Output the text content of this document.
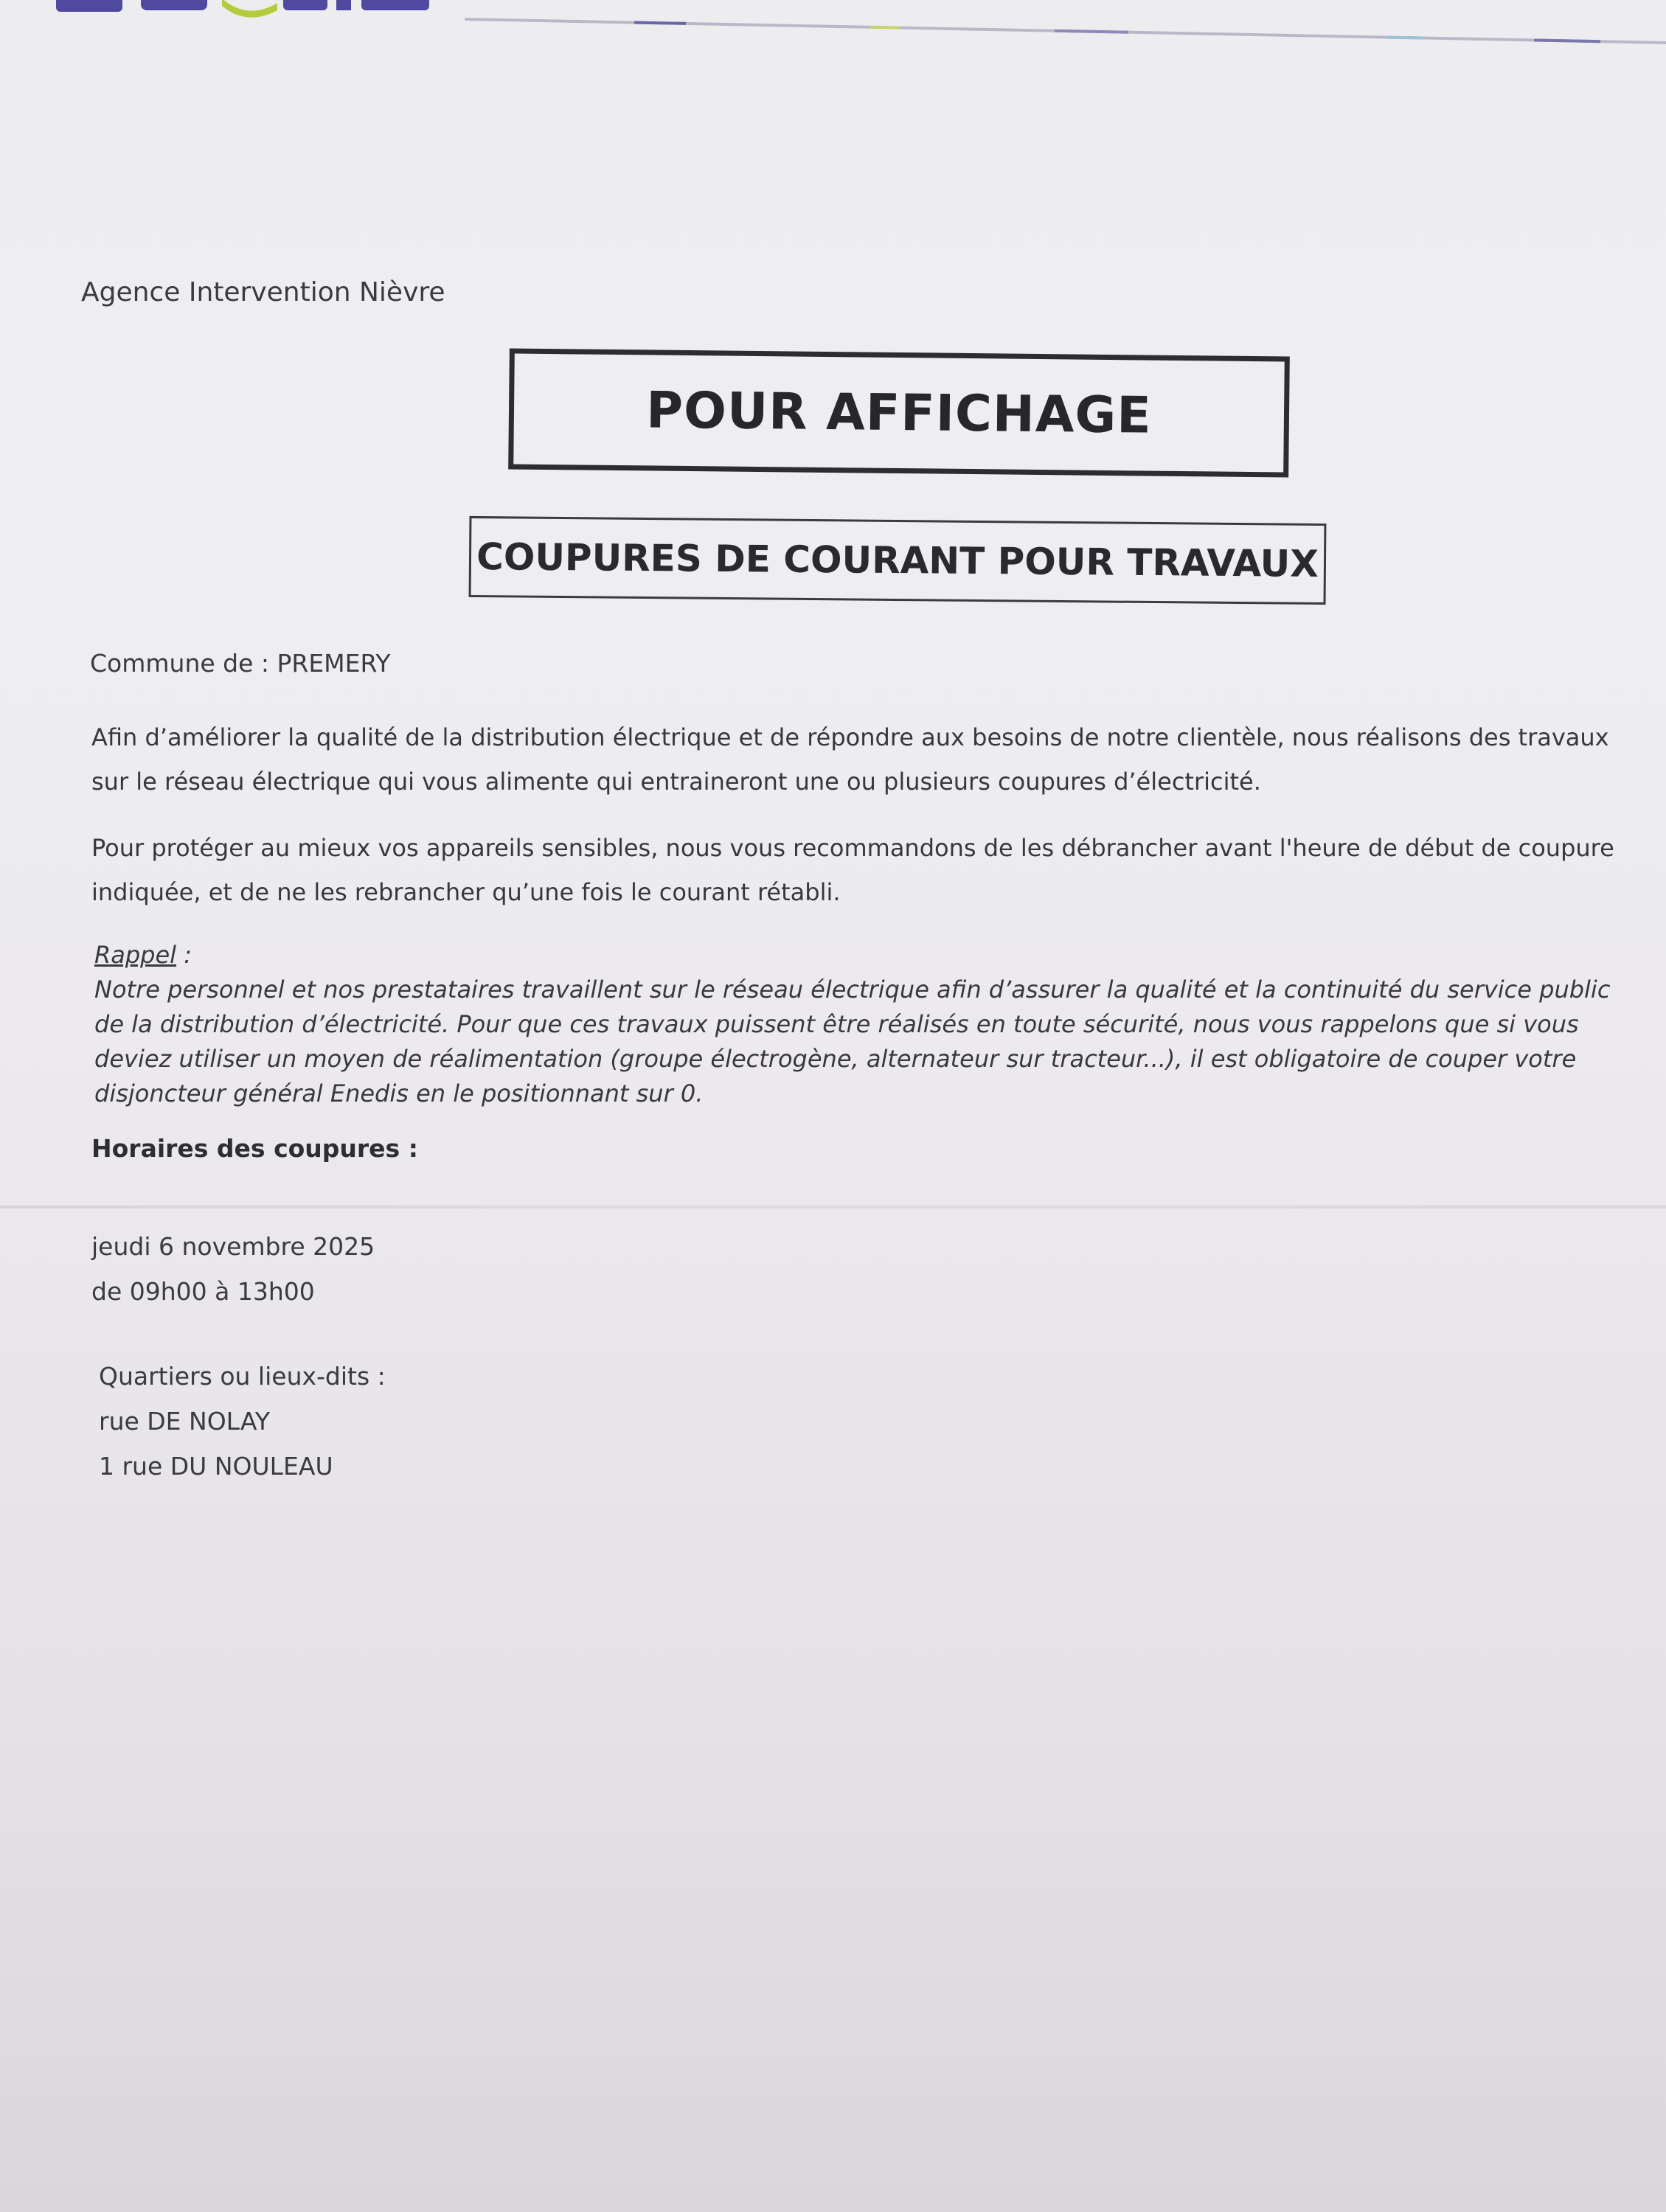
Agence Intervention Nièvre
POUR AFFICHAGE
COUPURES DE COURANT POUR TRAVAUX
Commune de : PREMERY
Afin d’améliorer la qualité de la distribution électrique et de répondre aux besoins de notre clientèle, nous réalisons des travaux sur le réseau électrique qui vous alimente qui entraineront une ou plusieurs coupures d’électricité.
Pour protéger au mieux vos appareils sensibles, nous vous recommandons de les débrancher avant l'heure de début de coupure indiquée, et de ne les rebrancher qu’une fois le courant rétabli.
Rappel :
Notre personnel et nos prestataires travaillent sur le réseau électrique afin d’assurer la qualité et la continuité du service public de la distribution d’électricité. Pour que ces travaux puissent être réalisés en toute sécurité, nous vous rappelons que si vous deviez utiliser un moyen de réalimentation (groupe électrogène, alternateur sur tracteur...), il est obligatoire de couper votre disjoncteur général Enedis en le positionnant sur 0.
Horaires des coupures :
jeudi 6 novembre 2025
de 09h00 à 13h00
Quartiers ou lieux-dits :
rue DE NOLAY
1 rue DU NOULEAU
